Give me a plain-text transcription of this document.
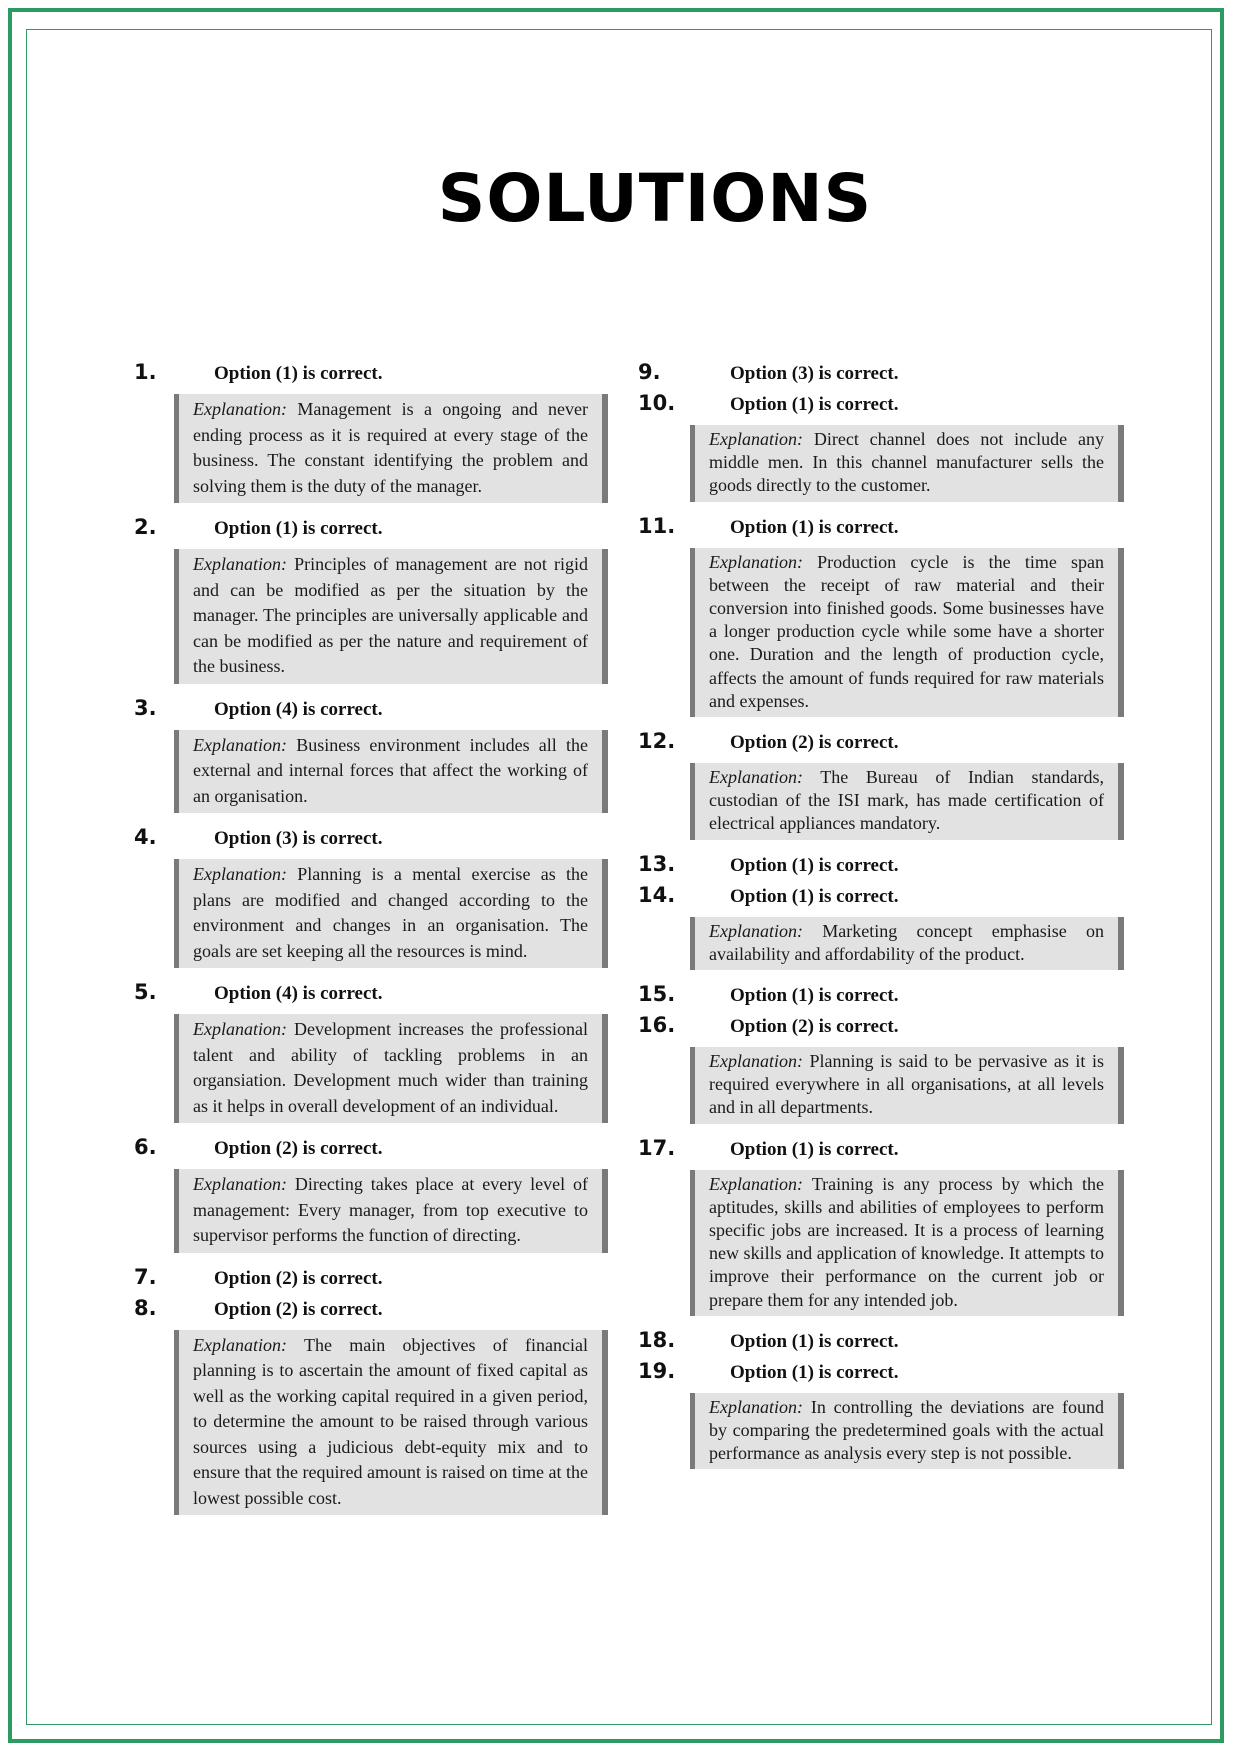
SOLUTIONS
1.	Option (1) is correct.
Explanation: Management is a ongoing and never ending process as it is required at every stage of the business. The constant identifying the problem and solving them is the duty of the manager.
2.	Option (1) is correct.
Explanation: Principles of management are not rigid and can be modified as per the situation by the manager. The principles are universally applicable and can be modified as per the nature and requirement of the business.
3.	Option (4) is correct.
Explanation: Business environment includes all the external and internal forces that affect the working of an organisation.
4.	Option (3) is correct.
Explanation: Planning is a mental exercise as the plans are modified and changed according to the environment and changes in an organisation. The goals are set keeping all the resources is mind.
5.	Option (4) is correct.
Explanation: Development increases the professional talent and ability of tackling problems in an organsiation. Development much wider than training as it helps in overall development of an individual.
6.	Option (2) is correct.
Explanation: Directing takes place at every level of management: Every manager, from top executive to supervisor performs the function of directing.
7.	Option (2) is correct.
8.	Option (2) is correct.
Explanation: The main objectives of financial planning is to ascertain the amount of fixed capital as well as the working capital required in a given period, to determine the amount to be raised through various sources using a judicious debt-equity mix and to ensure that the required amount is raised on time at the lowest possible cost.
9.	Option (3) is correct.
10.	Option (1) is correct.
Explanation: Direct channel does not include any middle men. In this channel manufacturer sells the goods directly to the customer.
11.	Option (1) is correct.
Explanation: Production cycle is the time span between the receipt of raw material and their conversion into finished goods. Some businesses have a longer production cycle while some have a shorter one. Duration and the length of production cycle, affects the amount of funds required for raw materials and expenses.
12.	Option (2) is correct.
Explanation: The Bureau of Indian standards, custodian of the ISI mark, has made certification of electrical appliances mandatory.
13.	Option (1) is correct.
14.	Option (1) is correct.
Explanation: Marketing concept emphasise on availability and affordability of the product.
15.	Option (1) is correct.
16.	Option (2) is correct.
Explanation: Planning is said to be pervasive as it is required everywhere in all organisations, at all levels and in all departments.
17.	Option (1) is correct.
Explanation: Training is any process by which the aptitudes, skills and abilities of employees to perform specific jobs are increased. It is a process of learning new skills and application of knowledge. It attempts to improve their performance on the current job or prepare them for any intended job.
18.	Option (1) is correct.
19.	Option (1) is correct.
Explanation: In controlling the deviations are found by comparing the predetermined goals with the actual performance as analysis every step is not possible.
